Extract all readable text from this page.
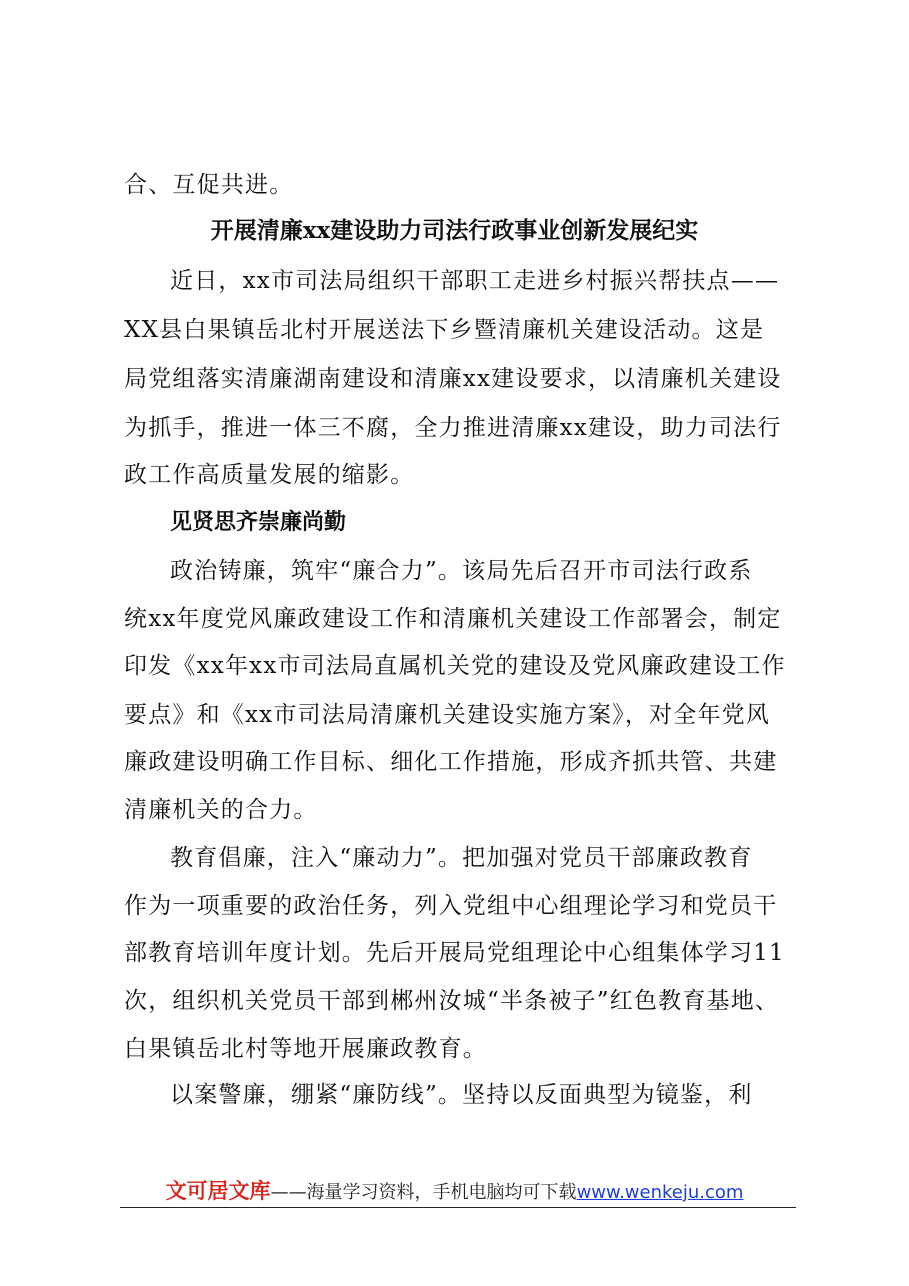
合、互促共进。
开展清廉xx建设助力司法行政事业创新发展纪实
近日，xx市司法局组织干部职工走进乡村振兴帮扶点——
XX县白果镇岳北村开展送法下乡暨清廉机关建设活动。这是
局党组落实清廉湖南建设和清廉xx建设要求，以清廉机关建设
为抓手，推进一体三不腐，全力推进清廉xx建设，助力司法行
政工作高质量发展的缩影。
见贤思齐崇廉尚勤
政治铸廉，筑牢“廉合力”。该局先后召开市司法行政系
统xx年度党风廉政建设工作和清廉机关建设工作部署会，制定
印发《xx年xx市司法局直属机关党的建设及党风廉政建设工作
要点》和《xx市司法局清廉机关建设实施方案》，对全年党风
廉政建设明确工作目标、细化工作措施，形成齐抓共管、共建
清廉机关的合力。
教育倡廉，注入“廉动力”。把加强对党员干部廉政教育
作为一项重要的政治任务，列入党组中心组理论学习和党员干
部教育培训年度计划。先后开展局党组理论中心组集体学习11
次，组织机关党员干部到郴州汝城“半条被子”红色教育基地、
白果镇岳北村等地开展廉政教育。
以案警廉，绷紧“廉防线”。坚持以反面典型为镜鉴，利
文可居文库——海量学习资料，手机电脑均可下载www.wenkeju.com
